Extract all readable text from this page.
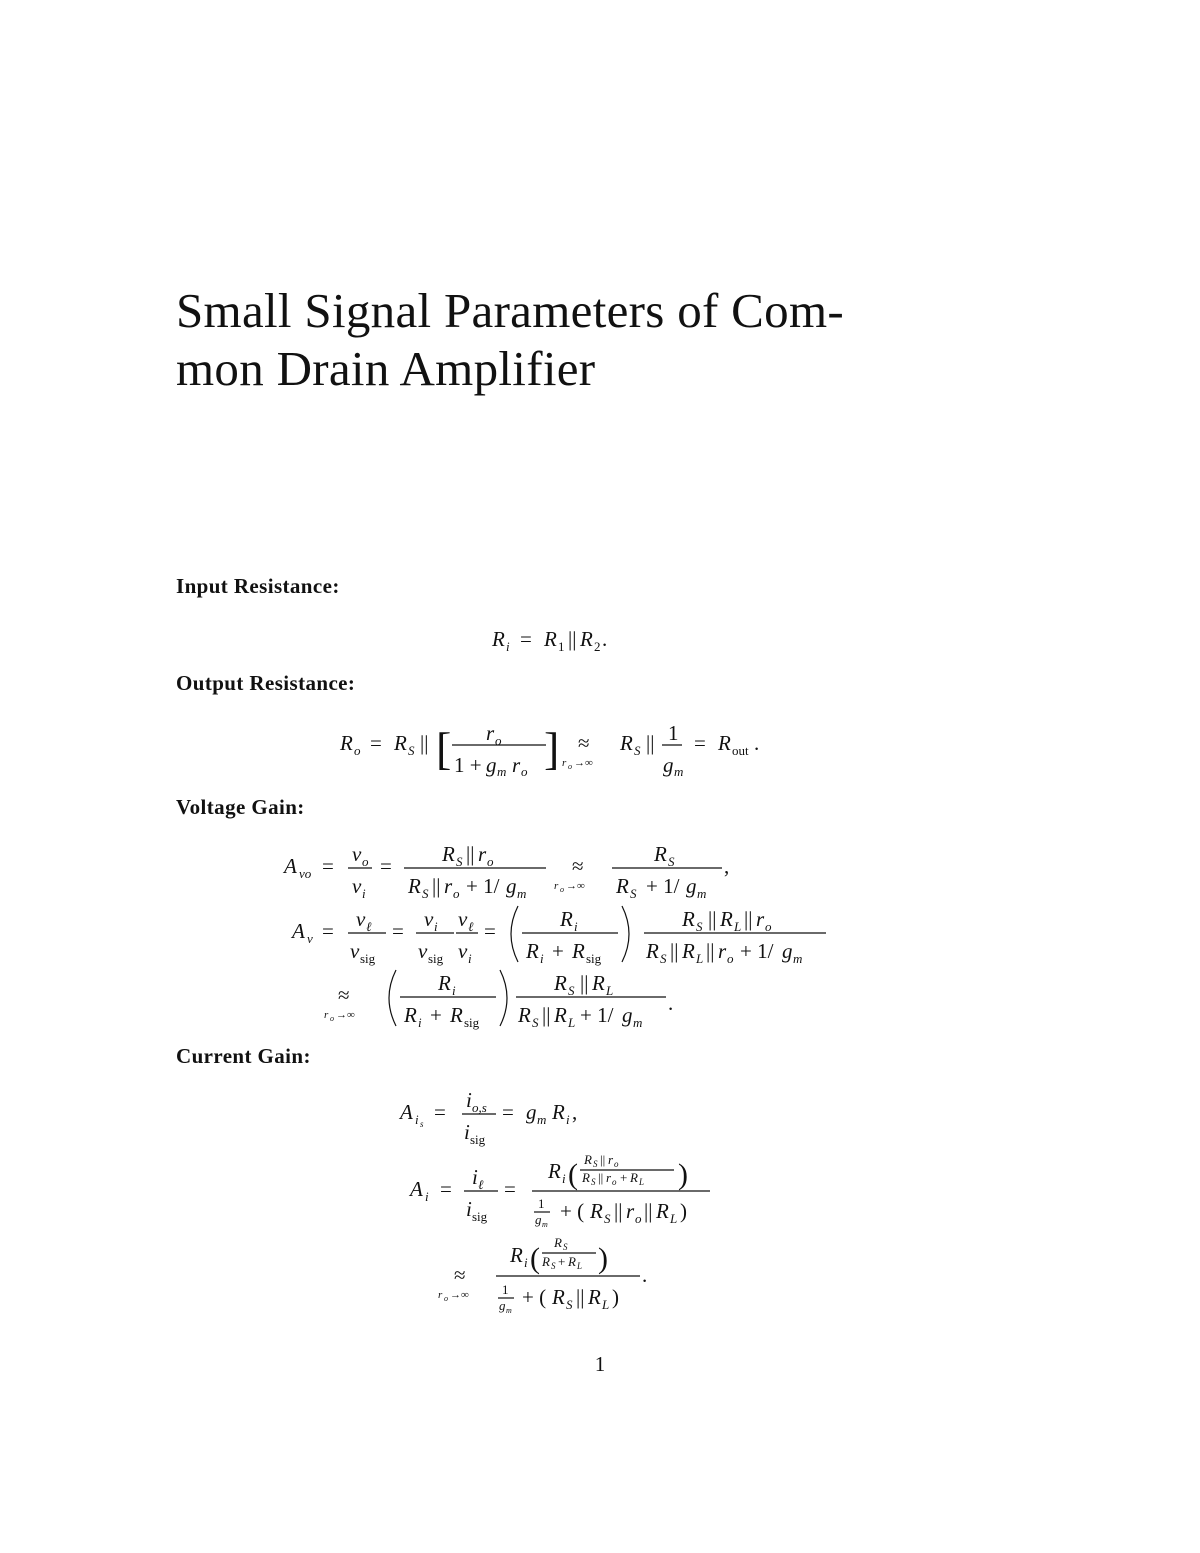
Small Signal Parameters of Com-
mon Drain Amplifier
Input Resistance:
R i = R 1 || R 2 .
Output Resistance:
R o = R S || [ r o
1 + g m r o ] ≈
r o →∞
R S || 1
g m
= R out .
Voltage Gain:
A vo = v o
v i
= R S || r o
R S || r o + 1/ g m
≈
r o →∞
R S
R S + 1/ g m
,
A v = v ℓ
v sig
= v i
v sig
v ℓ
v i
=	R i
R i + R sig
R S || R L || r o
R S || R L || r o + 1/ g m
≈
r o →∞
R i
R i + R sig
R S || R L
R S || R L + 1/ g m
.
Current Gain:
A i s = i o,s
i sig
= g m R i ,
A i = i ℓ
i sig
=
R i ( R S || r o
R S || r o + R L )
1
g m
+ ( R S || r o || R L )
≈
r o →∞
R i ( R S
R S + R L )
1
g m
+ ( R S || R L )
.
1
